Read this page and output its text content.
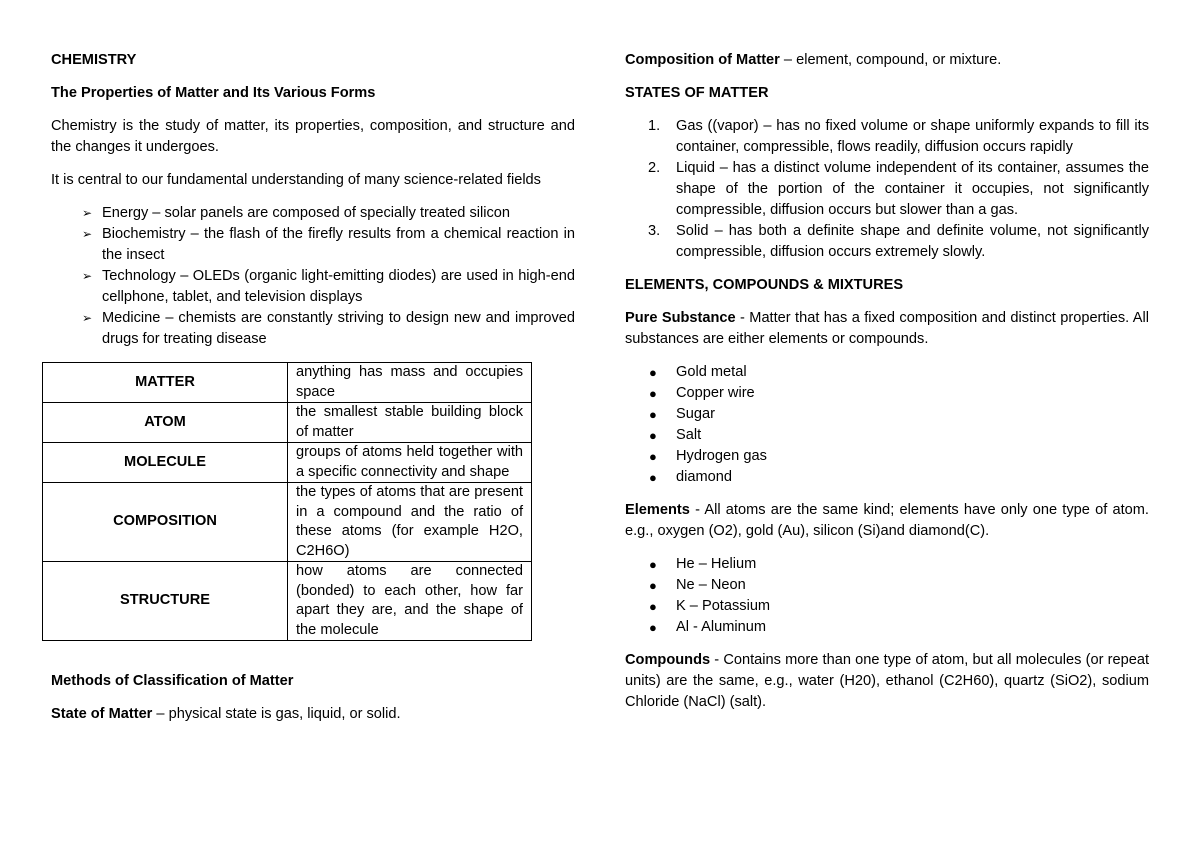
CHEMISTRY
The Properties of Matter and Its Various Forms

Chemistry is the study of matter, its properties, composition, and structure and the changes it undergoes.

It is central to our fundamental understanding of many science-related fields

➢ Energy – solar panels are composed of specially treated silicon
➢ Biochemistry – the flash of the firefly results from a chemical reaction in the insect
➢ Technology – OLEDs (organic light-emitting diodes) are used in high-end cellphone, tablet, and television displays
➢ Medicine – chemists are constantly striving to design new and improved drugs for treating disease
MATTER	anything has mass and occupies space
ATOM	the smallest stable building block of matter
MOLECULE	groups of atoms held together with a specific connectivity and shape
COMPOSITION	the types of atoms that are present in a compound and the ratio of these atoms (for example H2O, C2H6O)
STRUCTURE	how atoms are connected (bonded) to each other, how far apart they are, and the shape of the molecule
Methods of Classification of Matter

State of Matter – physical state is gas, liquid, or solid.

Composition of Matter – element, compound, or mixture.

STATES OF MATTER
1. Gas ((vapor) – has no fixed volume or shape uniformly expands to fill its container, compressible, flows readily, diffusion occurs rapidly
2. Liquid – has a distinct volume independent of its container, assumes the shape of the portion of the container it occupies, not significantly compressible, diffusion occurs but slower than a gas.
3. Solid – has both a definite shape and definite volume, not significantly compressible, diffusion occurs extremely slowly.
ELEMENTS, COMPOUNDS & MIXTURES

Pure Substance - Matter that has a fixed composition and distinct properties. All substances are either elements or compounds.

● Gold metal
● Copper wire
● Sugar
● Salt
● Hydrogen gas
● diamond

Elements - All atoms are the same kind; elements have only one type of atom. e.g., oxygen (O2), gold (Au), silicon (Si)and diamond(C).

● He – Helium
● Ne – Neon
● K – Potassium
● Al - Aluminum

Compounds - Contains more than one type of atom, but all molecules (or repeat units) are the same, e.g., water (H20), ethanol (C2H60), quartz (SiO2), sodium Chloride (NaCl) (salt).
